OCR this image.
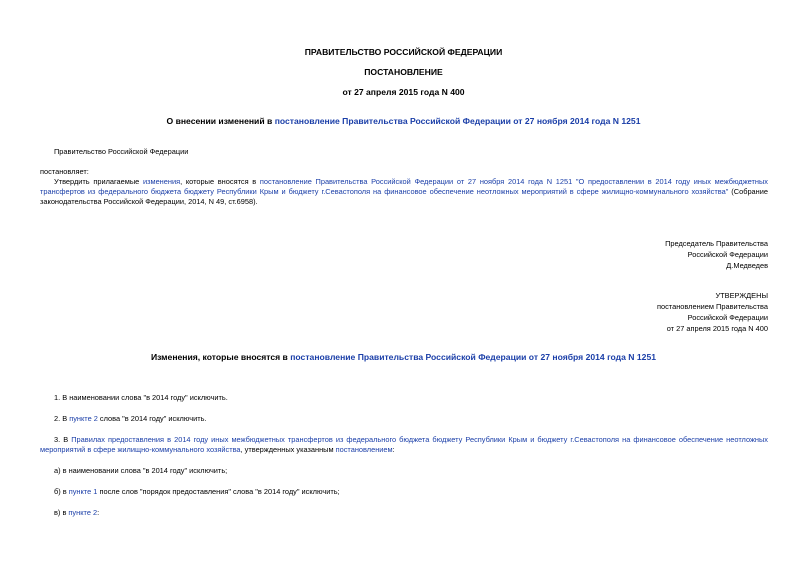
ПРАВИТЕЛЬСТВО РОССИЙСКОЙ ФЕДЕРАЦИИ
ПОСТАНОВЛЕНИЕ
от 27 апреля 2015 года N 400
О внесении изменений в постановление Правительства Российской Федерации от 27 ноября 2014 года N 1251
Правительство Российской Федерации
постановляет:
Утвердить прилагаемые изменения, которые вносятся в постановление Правительства Российской Федерации от 27 ноября 2014 года N 1251 "О предоставлении в 2014 году иных межбюджетных трансфертов из федерального бюджета бюджету Республики Крым и бюджету г.Севастополя на финансовое обеспечение неотложных мероприятий в сфере жилищно-коммунального хозяйства" (Собрание законодательства Российской Федерации, 2014, N 49, ст.6958).
Председатель Правительства
Российской Федерации
Д.Медведев
УТВЕРЖДЕНЫ
постановлением Правительства
Российской Федерации
от 27 апреля 2015 года N 400
Изменения, которые вносятся в постановление Правительства Российской Федерации от 27 ноября 2014 года N 1251
1. В наименовании слова "в 2014 году" исключить.
2. В пункте 2 слова "в 2014 году" исключить.
3. В Правилах предоставления в 2014 году иных межбюджетных трансфертов из федерального бюджета бюджету Республики Крым и бюджету г.Севастополя на финансовое обеспечение неотложных мероприятий в сфере жилищно-коммунального хозяйства, утвержденных указанным постановлением:
а) в наименовании слова "в 2014 году" исключить;
б) в пункте 1 после слов "порядок предоставления" слова "в 2014 году" исключить;
в) в пункте 2:
